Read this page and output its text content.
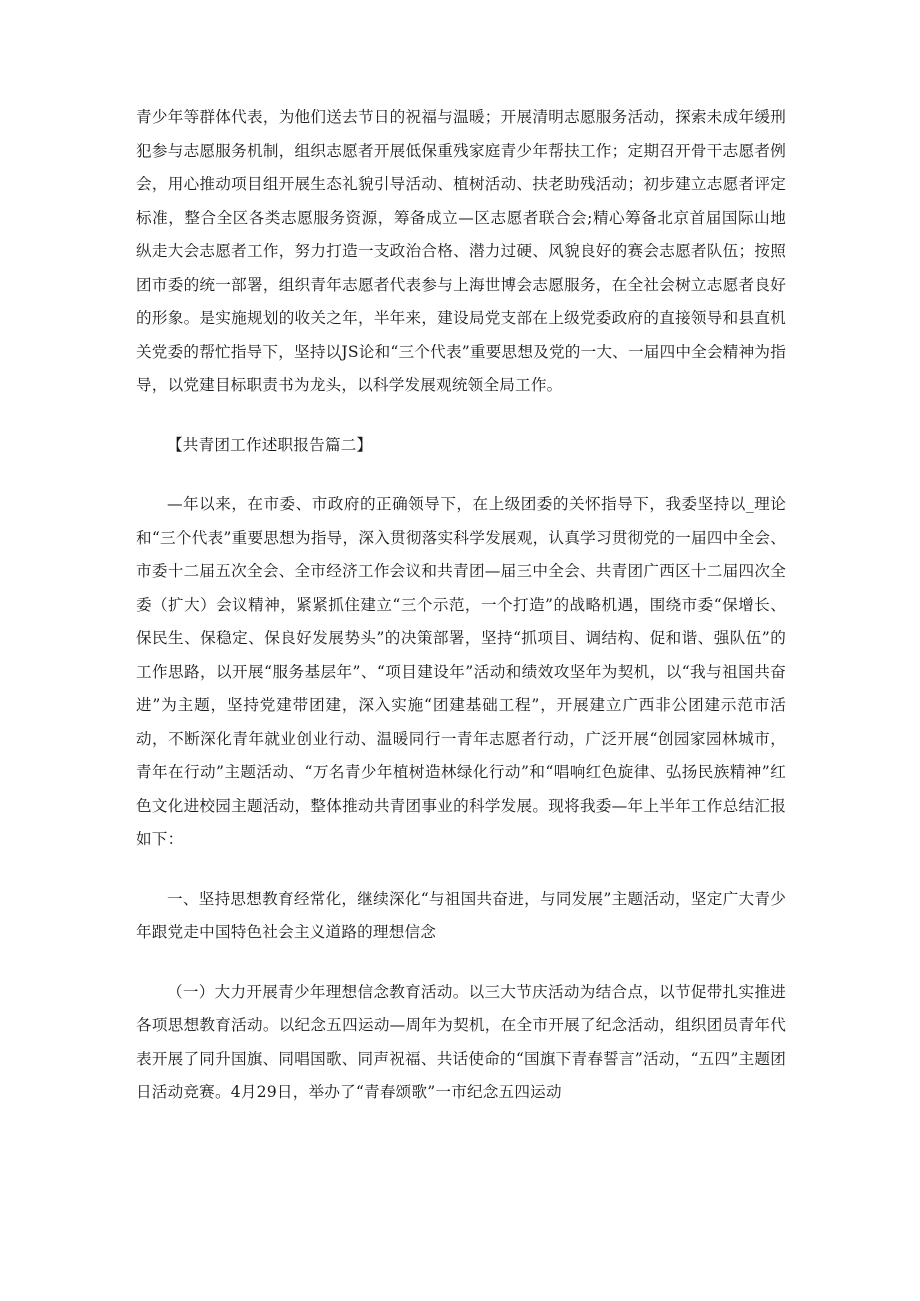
青少年等群体代表，为他们送去节日的祝福与温暖；开展清明志愿服务活动，探索未成年缓刑犯参与志愿服务机制，组织志愿者开展低保重残家庭青少年帮扶工作；定期召开骨干志愿者例会，用心推动项目组开展生态礼貌引导活动、植树活动、扶老助残活动；初步建立志愿者评定标准，整合全区各类志愿服务资源，筹备成立—区志愿者联合会;精心筹备北京首届国际山地纵走大会志愿者工作，努力打造一支政治合格、潜力过硬、风貌良好的赛会志愿者队伍；按照团市委的统一部署，组织青年志愿者代表参与上海世博会志愿服务，在全社会树立志愿者良好的形象。是实施规划的收关之年，半年来，建设局党支部在上级党委政府的直接领导和县直机关党委的帮忙指导下，坚持以JS论和“三个代表”重要思想及党的一大、一届四中全会精神为指导，以党建目标职责书为龙头，以科学发展观统领全局工作。

【共青团工作述职报告篇二】

—年以来，在市委、市政府的正确领导下，在上级团委的关怀指导下，我委坚持以_理论和“三个代表”重要思想为指导，深入贯彻落实科学发展观，认真学习贯彻党的一届四中全会、市委十二届五次全会、全市经济工作会议和共青团—届三中全会、共青团广西区十二届四次全委（扩大）会议精神，紧紧抓住建立“三个示范，一个打造”的战略机遇，围绕市委“保增长、保民生、保稳定、保良好发展势头”的决策部署，坚持“抓项目、调结构、促和谐、强队伍”的工作思路，以开展“服务基层年”、“项目建设年”活动和绩效攻坚年为契机，以“我与祖国共奋进”为主题，坚持党建带团建，深入实施“团建基础工程”，开展建立广西非公团建示范市活动，不断深化青年就业创业行动、温暖同行一青年志愿者行动，广泛开展“创园家园林城市，青年在行动”主题活动、“万名青少年植树造林绿化行动”和“唱响红色旋律、弘扬民族精神”红色文化进校园主题活动，整体推动共青团事业的科学发展。现将我委—年上半年工作总结汇报如下：

一、坚持思想教育经常化，继续深化“与祖国共奋进，与同发展”主题活动，坚定广大青少年跟党走中国特色社会主义道路的理想信念

（一）大力开展青少年理想信念教育活动。以三大节庆活动为结合点，以节促带扎实推进各项思想教育活动。以纪念五四运动—周年为契机，在全市开展了纪念活动，组织团员青年代表开展了同升国旗、同唱国歌、同声祝福、共话使命的“国旗下青春誓言”活动，“五四”主题团日活动竞赛。4月29日，举办了“青春颂歌”一市纪念五四运动
